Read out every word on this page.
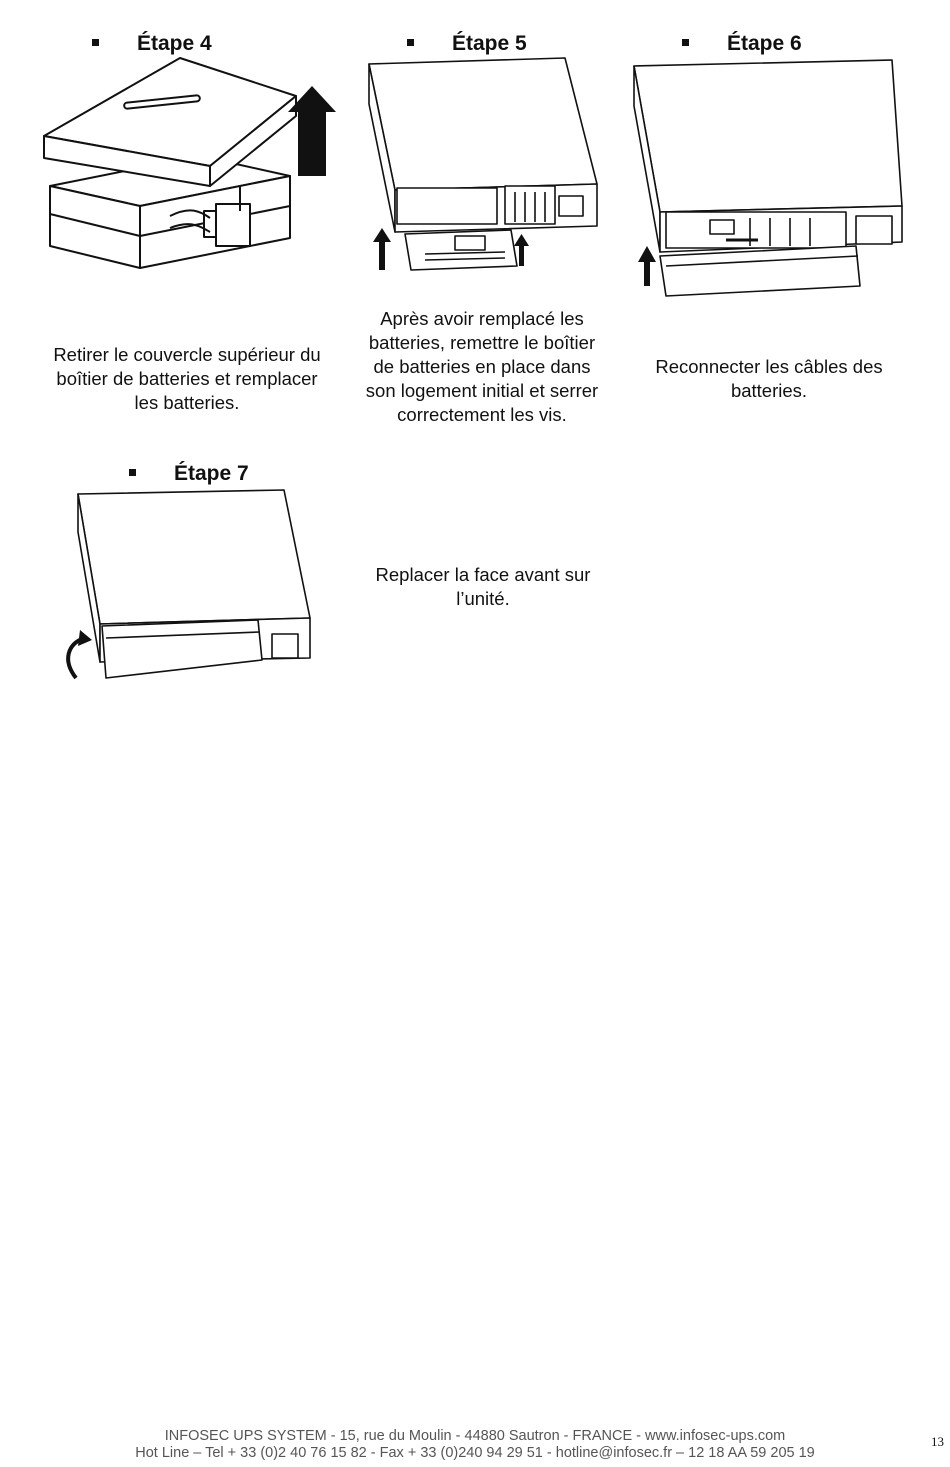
Étape 4
Retirer le couvercle supérieur du boîtier de batteries et remplacer les batteries.
Étape 5
Après avoir remplacé les batteries, remettre le boîtier de batteries en place dans son logement initial et serrer correctement les vis.
Étape 6
Reconnecter les câbles des batteries.
Étape 7
Replacer la face avant sur l’unité.
INFOSEC UPS SYSTEM - 15, rue du Moulin - 44880 Sautron - FRANCE - www.infosec-ups.com
Hot Line – Tel + 33 (0)2 40 76 15 82 - Fax + 33 (0)240 94 29 51 - hotline@infosec.fr – 12 18 AA 59 205 19
13
